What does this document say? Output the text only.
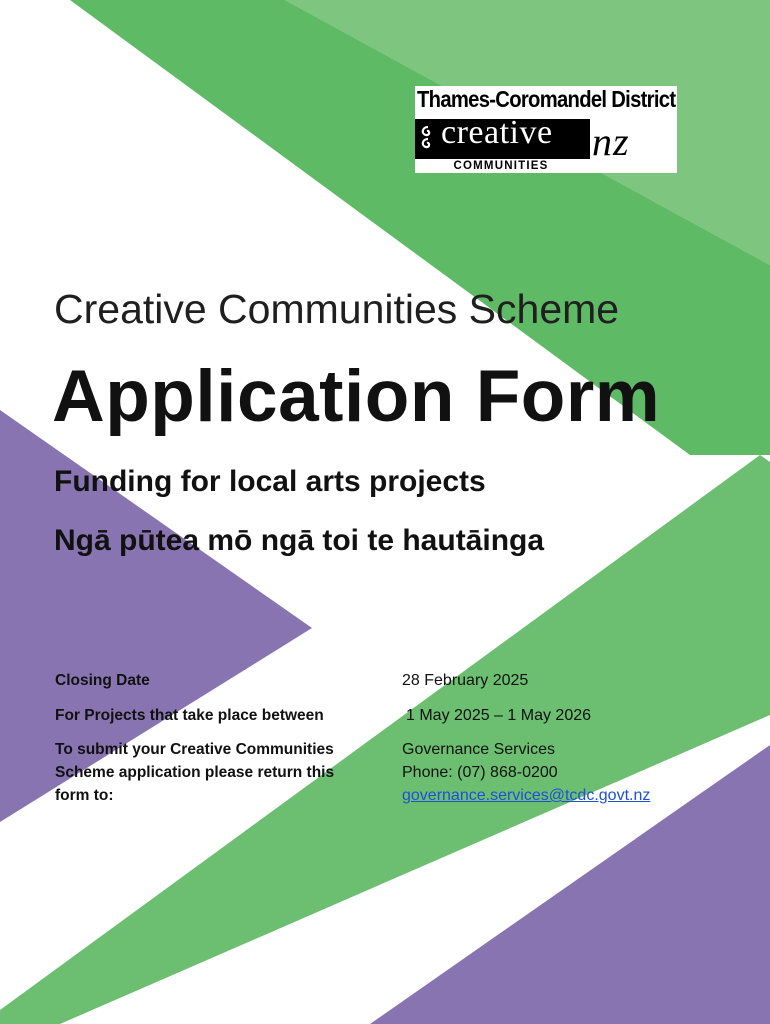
Thames-Coromandel District
creative
COMMUNITIES
nz
Creative Communities Scheme
Application Form
Funding for local arts projects
Ngā pūtea mō ngā toi te hautāinga
Closing Date	28 February 2025
For Projects that take place between	1 May 2025 – 1 May 2026
To submit your Creative Communities
Scheme application please return this
form to:
Governance Services
Phone: (07) 868-0200
governance.services@tcdc.govt.nz
